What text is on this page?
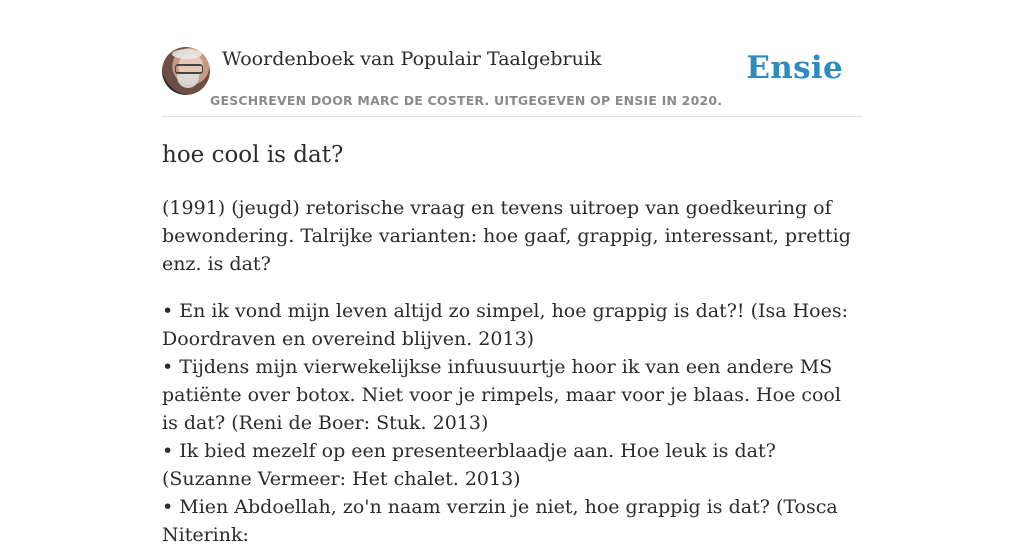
Woordenboek van Populair Taalgebruik
GESCHREVEN DOOR MARC DE COSTER. UITGEGEVEN OP ENSIE IN 2020.
Ensie
hoe cool is dat?

(1991) (jeugd) retorische vraag en tevens uitroep van goedkeuring of bewondering. Talrijke varianten: hoe gaaf, grappig, interessant, prettig enz. is dat?

• En ik vond mijn leven altijd zo simpel, hoe grappig is dat?! (Isa Hoes: Doordraven en overeind blijven. 2013)
• Tijdens mijn vierwekelijkse infuusuurtje hoor ik van een andere MS patiënte over botox. Niet voor je rimpels, maar voor je blaas. Hoe cool is dat? (Reni de Boer: Stuk. 2013)
• Ik bied mezelf op een presenteerblaadje aan. Hoe leuk is dat? (Suzanne Vermeer: Het chalet. 2013)
• Mien Abdoellah, zo'n naam verzin je niet, hoe grappig is dat? (Tosca Niterink:
